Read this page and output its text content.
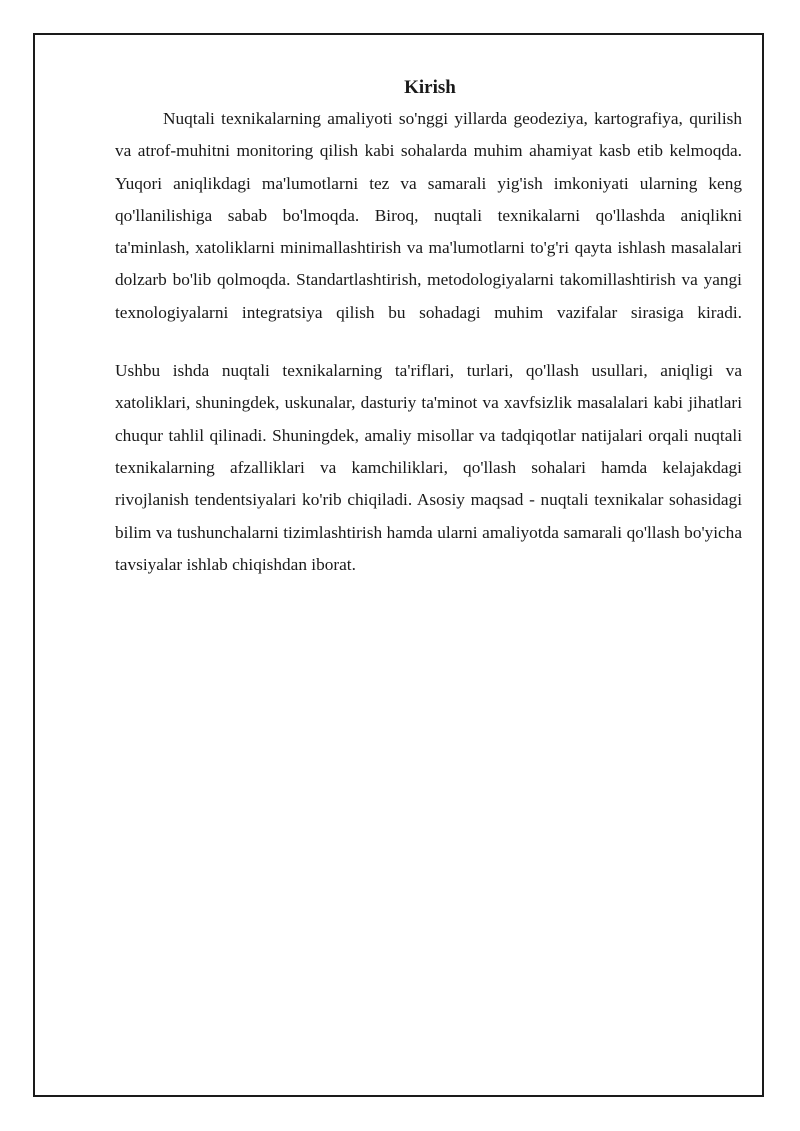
Kirish

Nuqtali texnikalarning amaliyoti so'nggi yillarda geodeziya, kartografiya, qurilish va atrof-muhitni monitoring qilish kabi sohalarda muhim ahamiyat kasb etib kelmoqda. Yuqori aniqlikdagi ma'lumotlarni tez va samarali yig'ish imkoniyati ularning keng qo'llanilishiga sabab bo'lmoqda. Biroq, nuqtali texnikalarni qo'llashda aniqlikni ta'minlash, xatoliklarni minimallashtirish va ma'lumotlarni to'g'ri qayta ishlash masalalari dolzarb bo'lib qolmoqda. Standartlashtirish, metodologiyalarni takomillashtirish va yangi texnologiyalarni integratsiya qilish bu sohadagi muhim vazifalar sirasiga kiradi.

Ushbu ishda nuqtali texnikalarning ta'riflari, turlari, qo'llash usullari, aniqligi va xatoliklari, shuningdek, uskunalar, dasturiy ta'minot va xavfsizlik masalalari kabi jihatlari chuqur tahlil qilinadi. Shuningdek, amaliy misollar va tadqiqotlar natijalari orqali nuqtali texnikalarning afzalliklari va kamchiliklari, qo'llash sohalari hamda kelajakdagi rivojlanish tendentsiyalari ko'rib chiqiladi. Asosiy maqsad - nuqtali texnikalar sohasidagi bilim va tushunchalarni tizimlashtirish hamda ularni amaliyotda samarali qo'llash bo'yicha tavsiyalar ishlab chiqishdan iborat.
